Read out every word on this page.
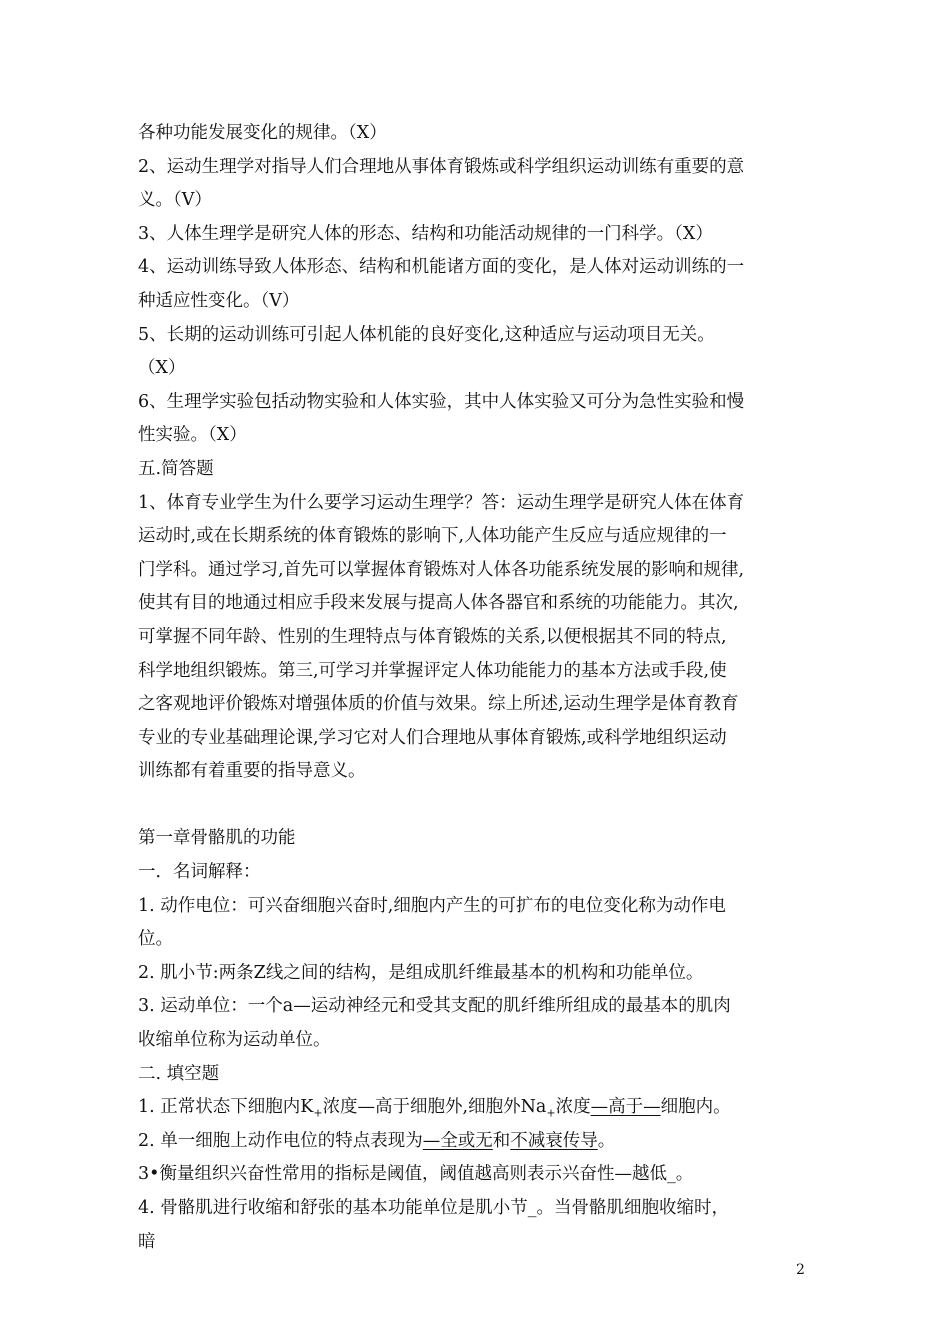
各种功能发展变化的规律。（X）
2、运动生理学对指导人们合理地从事体育锻炼或科学组织运动训练有重要的意
义。（V）
3、人体生理学是研究人体的形态、结构和功能活动规律的一门科学。（X）
4、运动训练导致人体形态、结构和机能诸方面的变化，是人体对运动训练的一
种适应性变化。（V）
5、长期的运动训练可引起人体机能的良好变化,这种适应与运动项目无关。
（X）
6、生理学实验包括动物实验和人体实验，其中人体实验又可分为急性实验和慢
性实验。（X）
五.简答题
1、体育专业学生为什么要学习运动生理学？答：运动生理学是研究人体在体育
运动时,或在长期系统的体育锻炼的影响下,人体功能产生反应与适应规律的一
门学科。通过学习,首先可以掌握体育锻炼对人体各功能系统发展的影响和规律,
使其有目的地通过相应手段来发展与提高人体各器官和系统的功能能力。其次,
可掌握不同年龄、性别的生理特点与体育锻炼的关系,以便根据其不同的特点,
科学地组织锻炼。第三,可学习并掌握评定人体功能能力的基本方法或手段,使
之客观地评价锻炼对增强体质的价值与效果。综上所述,运动生理学是体育教育
专业的专业基础理论课,学习它对人们合理地从事体育锻炼,或科学地组织运动
训练都有着重要的指导意义。
第一章骨骼肌的功能
一．名词解释：
1. 动作电位：可兴奋细胞兴奋时,细胞内产生的可扩布的电位变化称为动作电
位。
2. 肌小节:两条Z线之间的结构，是组成肌纤维最基本的机构和功能单位。
3. 运动单位：一个a—运动神经元和受其支配的肌纤维所组成的最基本的肌肉
收缩单位称为运动单位。
二. 填空题
1. 正常状态下细胞内$K_+$浓度—高于细胞外,细胞外$Na_+$浓度—高于—细胞内。
2. 单一细胞上动作电位的特点表现为—全或无和不减衰传导。
3•衡量组织兴奋性常用的指标是阈值，阈值越高则表示兴奋性—越低_。
4. 骨骼肌进行收缩和舒张的基本功能单位是肌小节_。当骨骼肌细胞收缩时，
暗
2
